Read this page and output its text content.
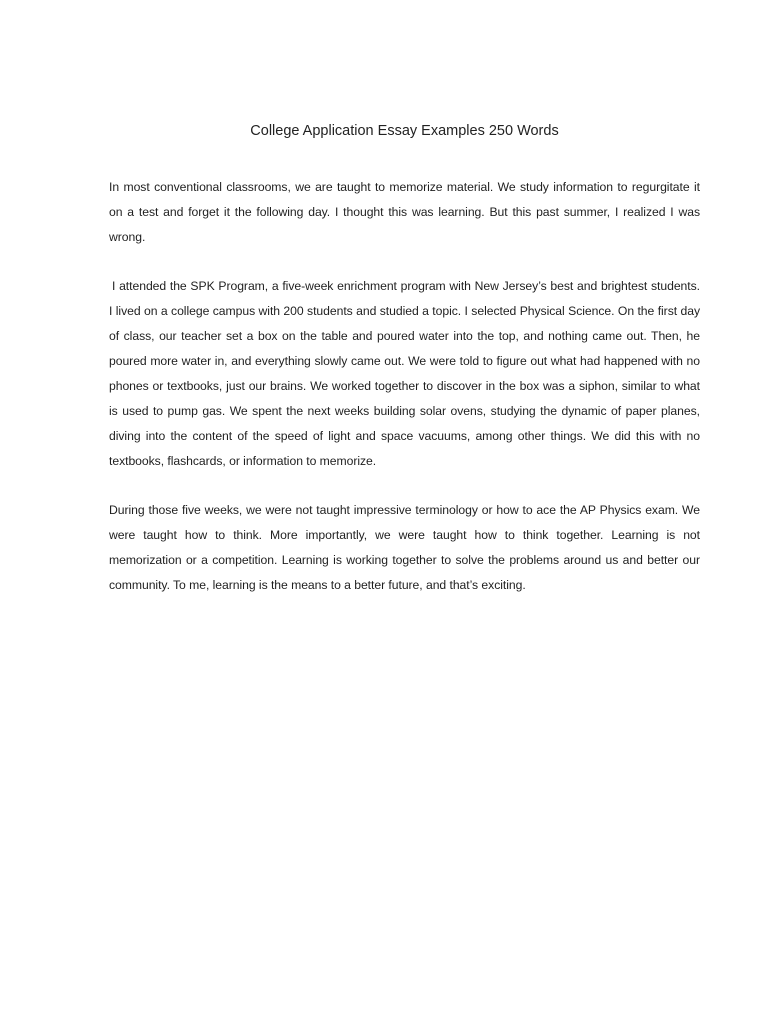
College Application Essay Examples 250 Words

In most conventional classrooms, we are taught to memorize material. We study information to regurgitate it on a test and forget it the following day. I thought this was learning. But this past summer, I realized I was wrong.

I attended the SPK Program, a five-week enrichment program with New Jersey’s best and brightest students. I lived on a college campus with 200 students and studied a topic. I selected Physical Science. On the first day of class, our teacher set a box on the table and poured water into the top, and nothing came out. Then, he poured more water in, and everything slowly came out. We were told to figure out what had happened with no phones or textbooks, just our brains. We worked together to discover in the box was a siphon, similar to what is used to pump gas. We spent the next weeks building solar ovens, studying the dynamic of paper planes, diving into the content of the speed of light and space vacuums, among other things. We did this with no textbooks, flashcards, or information to memorize.

During those five weeks, we were not taught impressive terminology or how to ace the AP Physics exam. We were taught how to think. More importantly, we were taught how to think together. Learning is not memorization or a competition. Learning is working together to solve the problems around us and better our community. To me, learning is the means to a better future, and that’s exciting.
